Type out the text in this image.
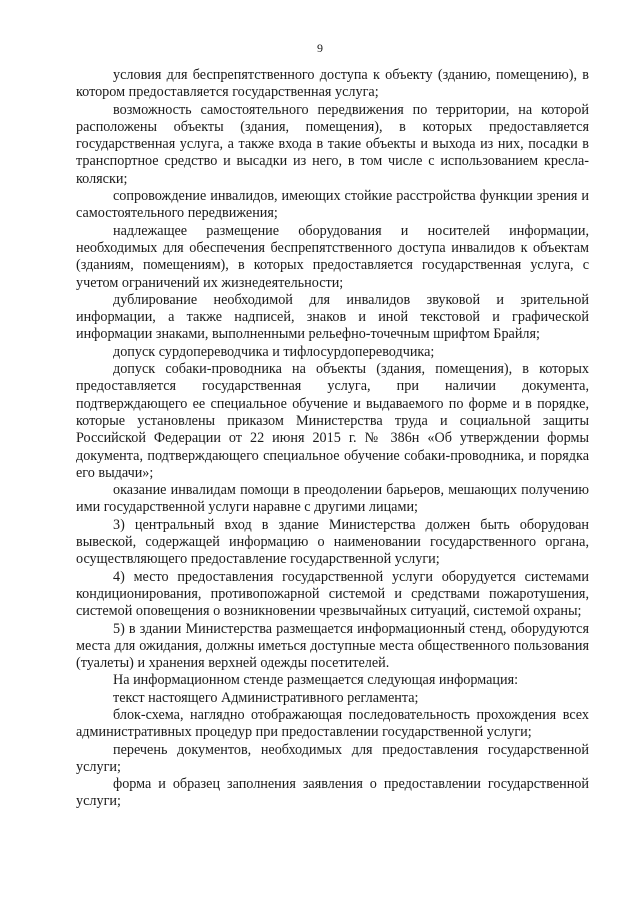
9

условия для беспрепятственного доступа к объекту (зданию, помещению), в котором предоставляется государственная услуга;

возможность самостоятельного передвижения по территории, на которой расположены объекты (здания, помещения), в которых предоставляется государственная услуга, а также входа в такие объекты и выхода из них, посадки в транспортное средство и высадки из него, в том числе с использованием кресла-коляски;

сопровождение инвалидов, имеющих стойкие расстройства функции зрения и самостоятельного передвижения;

надлежащее размещение оборудования и носителей информации, необходимых для обеспечения беспрепятственного доступа инвалидов к объектам (зданиям, помещениям), в которых предоставляется государственная услуга, с учетом ограничений их жизнедеятельности;

дублирование необходимой для инвалидов звуковой и зрительной информации, а также надписей, знаков и иной текстовой и графической информации знаками, выполненными рельефно-точечным шрифтом Брайля;

допуск сурдопереводчика и тифлосурдопереводчика;

допуск собаки-проводника на объекты (здания, помещения), в которых предоставляется государственная услуга, при наличии документа, подтверждающего ее специальное обучение и выдаваемого по форме и в порядке, которые установлены приказом Министерства труда и социальной защиты Российской Федерации от 22 июня 2015 г. № 386н «Об утверждении формы документа, подтверждающего специальное обучение собаки-проводника, и порядка его выдачи»;

оказание инвалидам помощи в преодолении барьеров, мешающих получению ими государственной услуги наравне с другими лицами;

3) центральный вход в здание Министерства должен быть оборудован вывеской, содержащей информацию о наименовании государственного органа, осуществляющего предоставление государственной услуги;

4) место предоставления государственной услуги оборудуется системами кондиционирования, противопожарной системой и средствами пожаротушения, системой оповещения о возникновении чрезвычайных ситуаций, системой охраны;

5) в здании Министерства размещается информационный стенд, оборудуются места для ожидания, должны иметься доступные места общественного пользования (туалеты) и хранения верхней одежды посетителей.

На информационном стенде размещается следующая информация:

текст настоящего Административного регламента;

блок-схема, наглядно отображающая последовательность прохождения всех административных процедур при предоставлении государственной услуги;

перечень документов, необходимых для предоставления государственной услуги;

форма и образец заполнения заявления о предоставлении государственной услуги;
